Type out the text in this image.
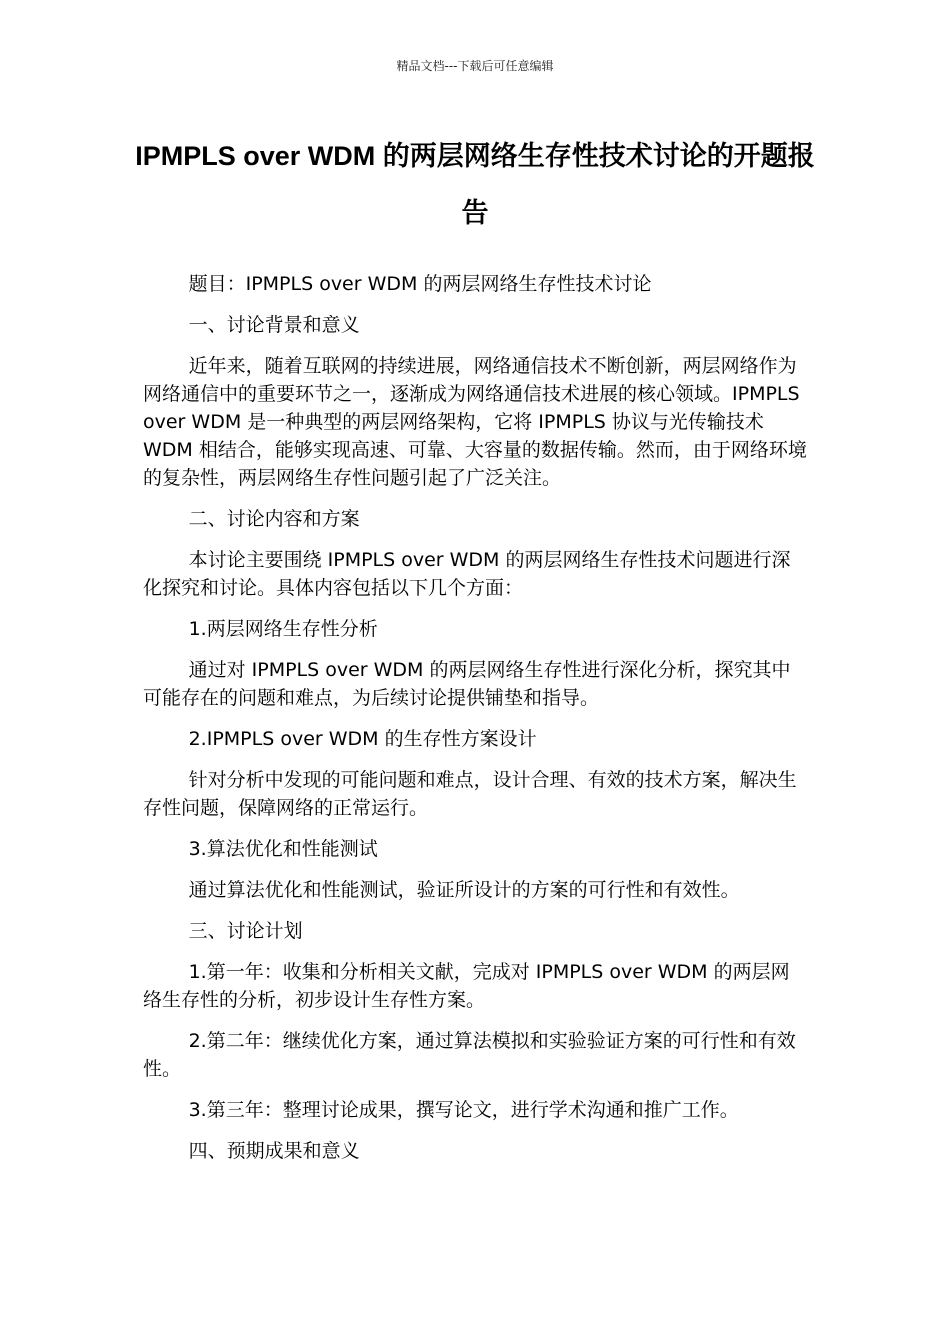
精品文档---下载后可任意编辑
IPMPLS over WDM 的两层网络生存性技术讨论的开题报告

题目：IPMPLS over WDM 的两层网络生存性技术讨论

一、讨论背景和意义

近年来，随着互联网的持续进展，网络通信技术不断创新，两层网络作为网络通信中的重要环节之一，逐渐成为网络通信技术进展的核心领域。IPMPLS over WDM 是一种典型的两层网络架构，它将 IPMPLS 协议与光传输技术 WDM 相结合，能够实现高速、可靠、大容量的数据传输。然而，由于网络环境的复杂性，两层网络生存性问题引起了广泛关注。

二、讨论内容和方案

本讨论主要围绕 IPMPLS over WDM 的两层网络生存性技术问题进行深化探究和讨论。具体内容包括以下几个方面：

1.两层网络生存性分析

通过对 IPMPLS over WDM 的两层网络生存性进行深化分析，探究其中可能存在的问题和难点，为后续讨论提供铺垫和指导。

2.IPMPLS over WDM 的生存性方案设计

针对分析中发现的可能问题和难点，设计合理、有效的技术方案，解决生存性问题，保障网络的正常运行。

3.算法优化和性能测试

通过算法优化和性能测试，验证所设计的方案的可行性和有效性。

三、讨论计划

1.第一年：收集和分析相关文献，完成对 IPMPLS over WDM 的两层网络生存性的分析，初步设计生存性方案。

2.第二年：继续优化方案，通过算法模拟和实验验证方案的可行性和有效性。

3.第三年：整理讨论成果，撰写论文，进行学术沟通和推广工作。

四、预期成果和意义
